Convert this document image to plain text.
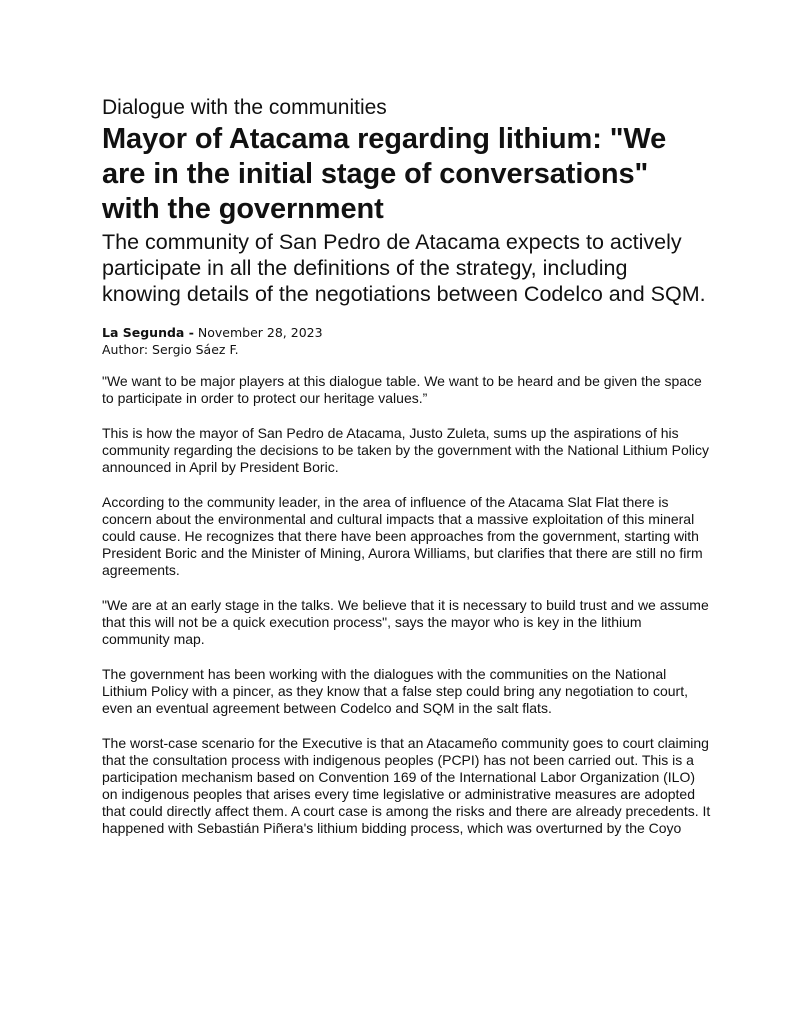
Dialogue with the communities
Mayor of Atacama regarding lithium: "We are in the initial stage of conversations" with the government
The community of San Pedro de Atacama expects to actively participate in all the definitions of the strategy, including knowing details of the negotiations between Codelco and SQM.
La Segunda - November 28, 2023
Author: Sergio Sáez F.

"We want to be major players at this dialogue table. We want to be heard and be given the space to participate in order to protect our heritage values.”

This is how the mayor of San Pedro de Atacama, Justo Zuleta, sums up the aspirations of his community regarding the decisions to be taken by the government with the National Lithium Policy announced in April by President Boric.

According to the community leader, in the area of influence of the Atacama Slat Flat there is concern about the environmental and cultural impacts that a massive exploitation of this mineral could cause. He recognizes that there have been approaches from the government, starting with President Boric and the Minister of Mining, Aurora Williams, but clarifies that there are still no firm agreements.

"We are at an early stage in the talks. We believe that it is necessary to build trust and we assume that this will not be a quick execution process", says the mayor who is key in the lithium community map.

The government has been working with the dialogues with the communities on the National Lithium Policy with a pincer, as they know that a false step could bring any negotiation to court, even an eventual agreement between Codelco and SQM in the salt flats.

The worst-case scenario for the Executive is that an Atacameño community goes to court claiming that the consultation process with indigenous peoples (PCPI) has not been carried out. This is a participation mechanism based on Convention 169 of the International Labor Organization (ILO) on indigenous peoples that arises every time legislative or administrative measures are adopted that could directly affect them. A court case is among the risks and there are already precedents. It happened with Sebastián Piñera's lithium bidding process, which was overturned by the Coyo
